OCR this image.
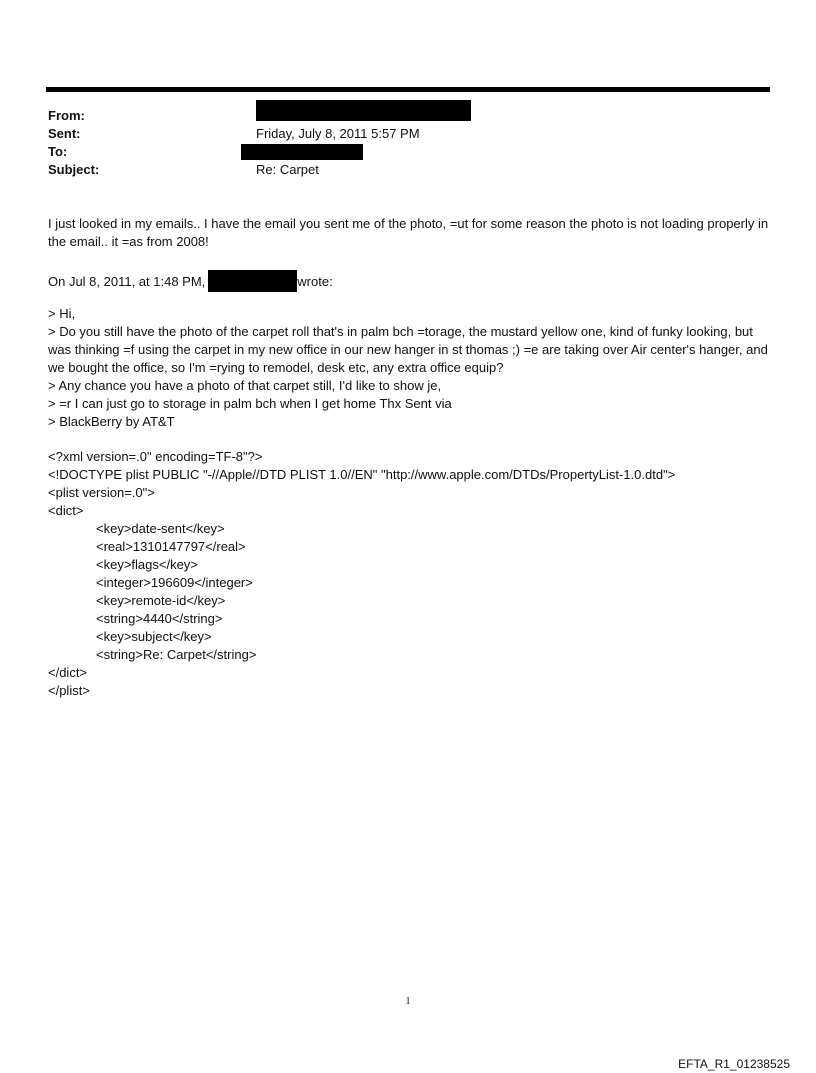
From:
Sent:	Friday, July 8, 2011 5:57 PM
To:
Subject:	Re: Carpet

I just looked in my emails.. I have the email you sent me of the photo, =ut for some reason the photo is not loading properly in the email.. it =as from 2008!

On Jul 8, 2011, at 1:48 PM,	wrote:

> Hi,

> Do you still have the photo of the carpet roll that's in palm bch =torage, the mustard yellow one, kind of funky looking, but was thinking =f using the carpet in my new office in our new hanger in st thomas ;) =e are taking over Air center's hanger, and we bought the office, so I'm =rying to remodel, desk etc, any extra office equip?

> Any chance you have a photo of that carpet still, I'd like to show je,

> =r I can just go to storage in palm bch when I get home Thx Sent via

> BlackBerry by AT&T

<?xml version=.0" encoding=TF-8"?>

<!DOCTYPE plist PUBLIC "-//Apple//DTD PLIST 1.0//EN" "http://www.apple.com/DTDs/PropertyList-1.0.dtd">

<plist version=.0">

<dict>

<key>date-sent</key>

<real>1310147797</real>

<key>flags</key>

<integer>196609</integer>

<key>remote-id</key>

<string>4440</string>

<key>subject</key>

<string>Re: Carpet</string>

</dict>

</plist>

1
EFTA_R1_01238525
